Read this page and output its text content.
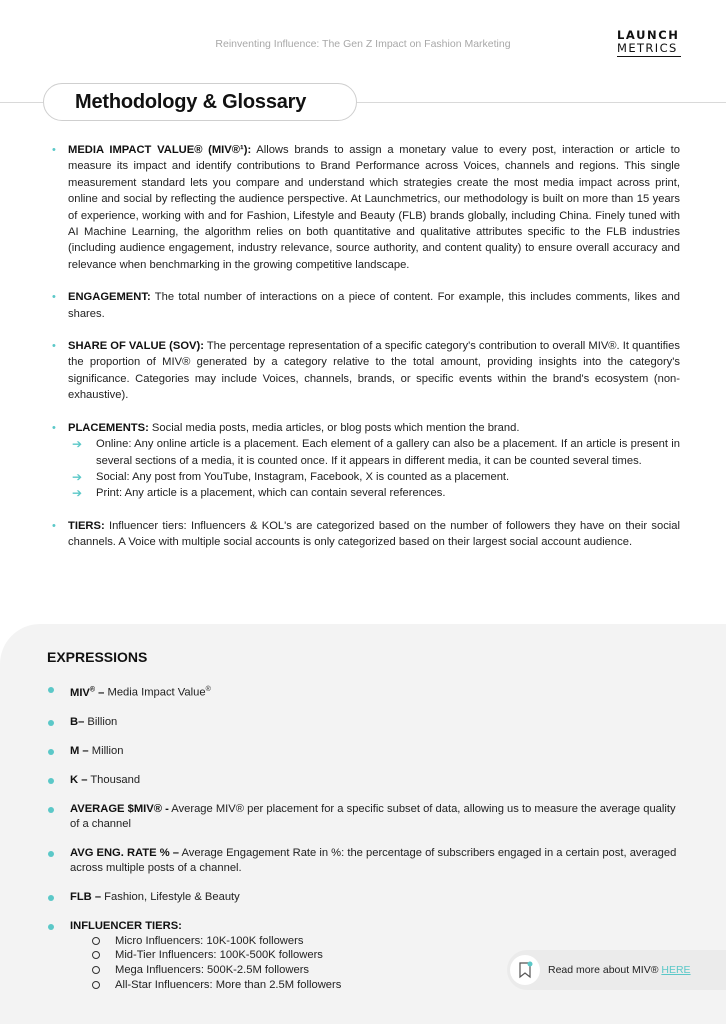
Reinventing Influence: The Gen Z Impact on Fashion Marketing
LAUNCH
METRICS
Methodology & Glossary
• MEDIA IMPACT VALUE® (MIV®¹): Allows brands to assign a monetary value to every post, interaction or article to measure its impact and identify contributions to Brand Performance across Voices, channels and regions. This single measurement standard lets you compare and understand which strategies create the most media impact across print, online and social by reflecting the audience perspective. At Launchmetrics, our methodology is built on more than 15 years of experience, working with and for Fashion, Lifestyle and Beauty (FLB) brands globally, including China. Finely tuned with AI Machine Learning, the algorithm relies on both quantitative and qualitative attributes specific to the FLB industries (including audience engagement, industry relevance, source authority, and content quality) to ensure overall accuracy and relevance when benchmarking in the growing competitive landscape.
• ENGAGEMENT: The total number of interactions on a piece of content. For example, this includes comments, likes and shares.
• SHARE OF VALUE (SOV): The percentage representation of a specific category's contribution to overall MIV®. It quantifies the proportion of MIV® generated by a category relative to the total amount, providing insights into the category's significance. Categories may include Voices, channels, brands, or specific events within the brand's ecosystem (non-exhaustive).
• PLACEMENTS: Social media posts, media articles, or blog posts which mention the brand.
➔ Online: Any online article is a placement. Each element of a gallery can also be a placement. If an article is present in several sections of a media, it is counted once. If it appears in different media, it can be counted several times.
➔ Social: Any post from YouTube, Instagram, Facebook, X is counted as a placement.
➔ Print: Any article is a placement, which can contain several references.
• TIERS: Influencer tiers: Influencers & KOL's are categorized based on the number of followers they have on their social channels. A Voice with multiple social accounts is only categorized based on their largest social account audience.
EXPRESSIONS
MIV® – Media Impact Value®
B– Billion
M – Million
K – Thousand
AVERAGE $MIV® - Average MIV® per placement for a specific subset of data, allowing us to measure the average quality of a channel
AVG ENG. RATE % – Average Engagement Rate in %: the percentage of subscribers engaged in a certain post, averaged across multiple posts of a channel.
FLB – Fashion, Lifestyle & Beauty
INFLUENCER TIERS:
Micro Influencers: 10K-100K followers
Mid-Tier Influencers: 100K-500K followers
Mega Influencers: 500K-2.5M followers
All-Star Influencers: More than 2.5M followers
Read more about MIV® HERE
